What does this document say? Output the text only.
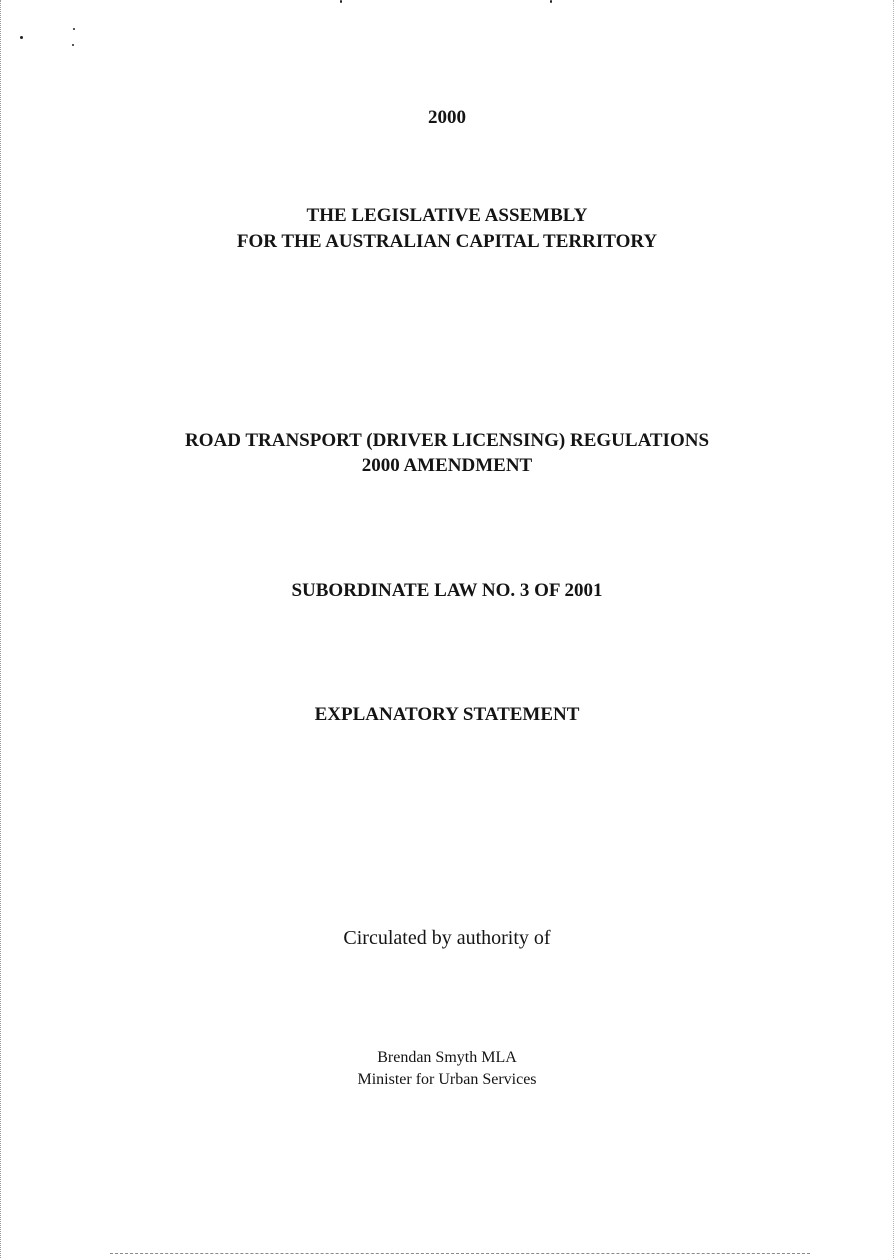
2000
THE LEGISLATIVE ASSEMBLY
FOR THE AUSTRALIAN CAPITAL TERRITORY
ROAD TRANSPORT (DRIVER LICENSING) REGULATIONS
2000 AMENDMENT
SUBORDINATE LAW NO. 3 OF 2001
EXPLANATORY STATEMENT
Circulated by authority of
Brendan Smyth MLA
Minister for Urban Services
